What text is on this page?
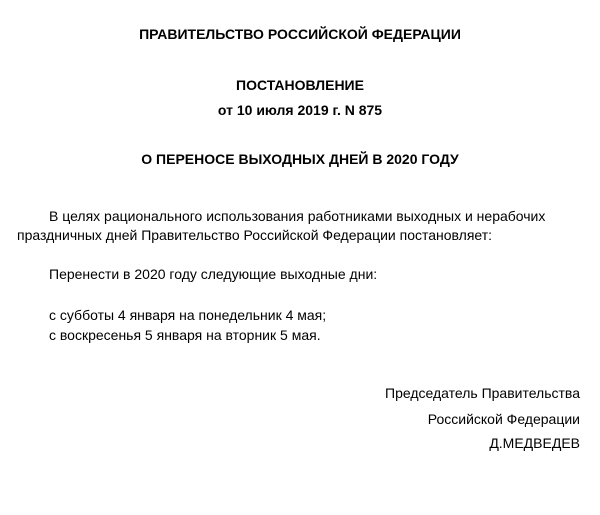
ПРАВИТЕЛЬСТВО РОССИЙСКОЙ ФЕДЕРАЦИИ
ПОСТАНОВЛЕНИЕ
от 10 июля 2019 г. N 875
О ПЕРЕНОСЕ ВЫХОДНЫХ ДНЕЙ В 2020 ГОДУ
В целях рационального использования работниками выходных и нерабочих
праздничных дней Правительство Российской Федерации постановляет:
Перенести в 2020 году следующие выходные дни:
с субботы 4 января на понедельник 4 мая;
с воскресенья 5 января на вторник 5 мая.
Председатель Правительства
Российской Федерации
Д.МЕДВЕДЕВ
